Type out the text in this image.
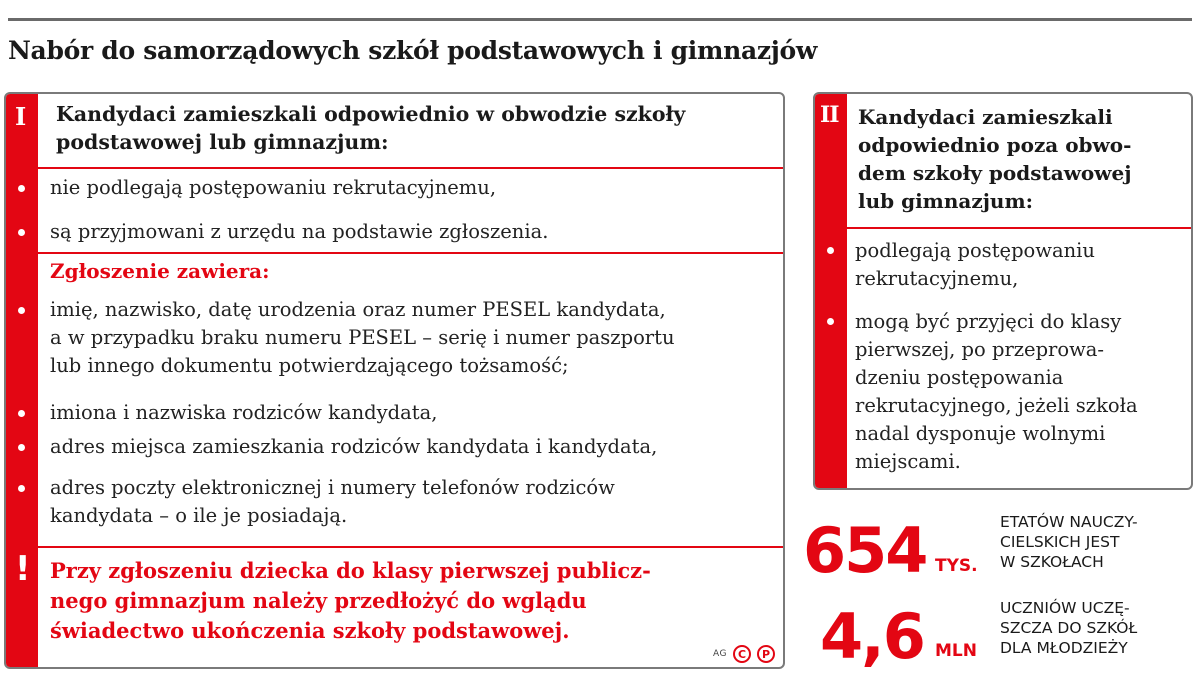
Nabór do samorządowych szkół podstawowych i gimnazjów
I Kandydaci zamieszkali odpowiednio w obwodzie szkoły
podstawowej lub gimnazjum:
nie podlegają postępowaniu rekrutacyjnemu,
są przyjmowani z urzędu na podstawie zgłoszenia.
Zgłoszenie zawiera:
imię, nazwisko, datę urodzenia oraz numer PESEL kandydata,
a w przypadku braku numeru PESEL – serię i numer paszportu
lub innego dokumentu potwierdzającego tożsamość;
imiona i nazwiska rodziców kandydata,
adres miejsca zamieszkania rodziców kandydata i kandydata,
adres poczty elektronicznej i numery telefonów rodziców
kandydata – o ile je posiadają.
! Przy zgłoszeniu dziecka do klasy pierwszej publicz-
nego gimnazjum należy przedłożyć do wglądu
świadectwo ukończenia szkoły podstawowej.
AG C	P
II Kandydaci zamieszkali
odpowiednio poza obwo-
dem szkoły podstawowej
lub gimnazjum:
podlegają postępowaniu
rekrutacyjnemu,
mogą być przyjęci do klasy
pierwszej, po przeprowa-
dzeniu postępowania
rekrutacyjnego, jeżeli szkoła
nadal dysponuje wolnymi
miejscami.
654 TYS.
ETATÓW NAUCZY-
CIELSKICH JEST
W SZKOŁACH
4,6 MLN
UCZNIÓW UCZĘ-
SZCZA DO SZKÓŁ
DLA MŁODZIEŻY
